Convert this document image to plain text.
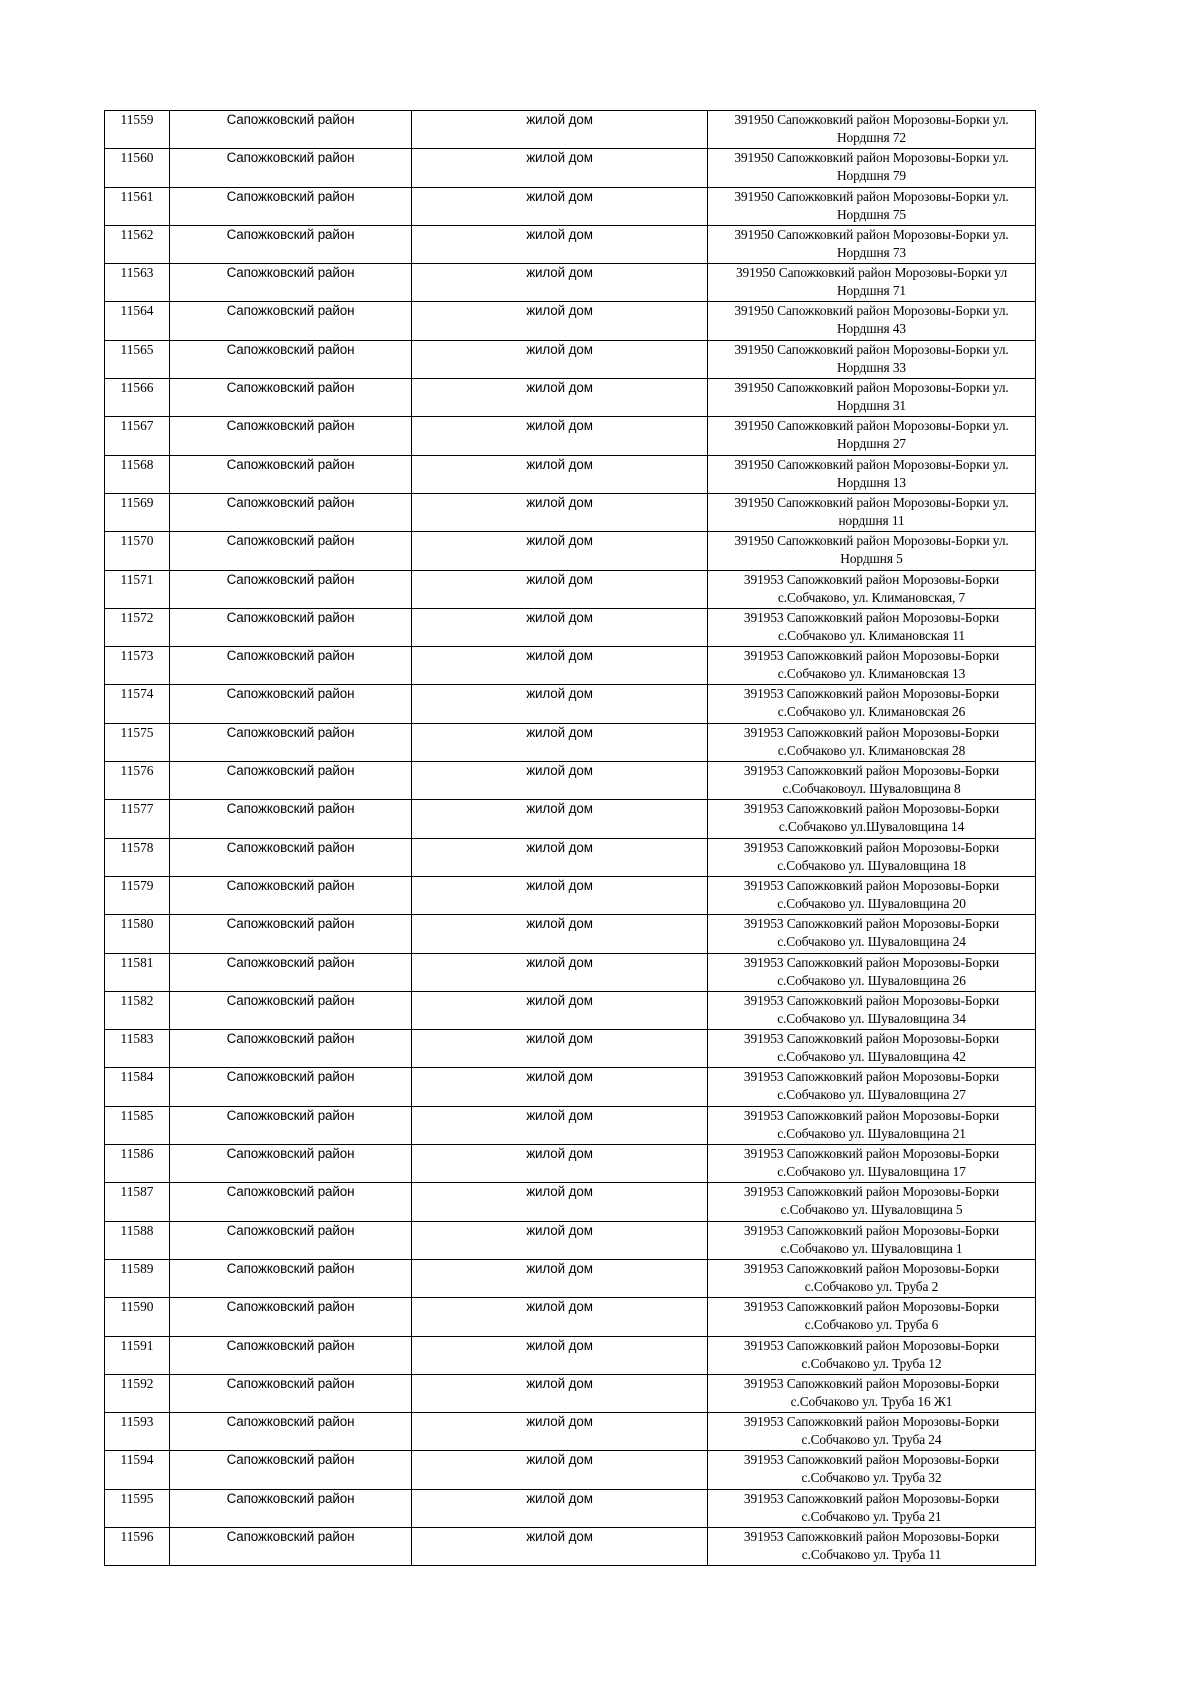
11559	Сапожковский район	жилой дом	391950 Сапожковкий район Морозовы-Борки ул. Нордшня 72
11560	Сапожковский район	жилой дом	391950 Сапожковкий район Морозовы-Борки ул. Нордшня 79
11561	Сапожковский район	жилой дом	391950 Сапожковкий район Морозовы-Борки ул. Нордшня 75
11562	Сапожковский район	жилой дом	391950 Сапожковкий район Морозовы-Борки ул. Нордшня 73
11563	Сапожковский район	жилой дом	391950 Сапожковкий район Морозовы-Борки ул Нордшня 71
11564	Сапожковский район	жилой дом	391950 Сапожковкий район Морозовы-Борки ул. Нордшня 43
11565	Сапожковский район	жилой дом	391950 Сапожковкий район Морозовы-Борки ул. Нордшня 33
11566	Сапожковский район	жилой дом	391950 Сапожковкий район Морозовы-Борки ул. Нордшня 31
11567	Сапожковский район	жилой дом	391950 Сапожковкий район Морозовы-Борки ул. Нордшня 27
11568	Сапожковский район	жилой дом	391950 Сапожковкий район Морозовы-Борки ул. Нордшня 13
11569	Сапожковский район	жилой дом	391950 Сапожковкий район Морозовы-Борки ул. нордшня 11
11570	Сапожковский район	жилой дом	391950 Сапожковкий район Морозовы-Борки ул. Нордшня 5
11571	Сапожковский район	жилой дом	391953 Сапожковкий район Морозовы-Борки с.Собчаково, ул. Климановская, 7
11572	Сапожковский район	жилой дом	391953 Сапожковкий район Морозовы-Борки с.Собчаково ул. Климановская 11
11573	Сапожковский район	жилой дом	391953 Сапожковкий район Морозовы-Борки с.Собчаково ул. Климановская 13
11574	Сапожковский район	жилой дом	391953 Сапожковкий район Морозовы-Борки с.Собчаково ул. Климановская 26
11575	Сапожковский район	жилой дом	391953 Сапожковкий район Морозовы-Борки с.Собчаково ул. Климановская 28
11576	Сапожковский район	жилой дом	391953 Сапожковкий район Морозовы-Борки с.Собчаковоул. Шуваловщина 8
11577	Сапожковский район	жилой дом	391953 Сапожковкий район Морозовы-Борки с.Собчаково ул.Шуваловщина 14
11578	Сапожковский район	жилой дом	391953 Сапожковкий район Морозовы-Борки с.Собчаково ул. Шуваловщина 18
11579	Сапожковский район	жилой дом	391953 Сапожковкий район Морозовы-Борки с.Собчаково ул. Шуваловщина 20
11580	Сапожковский район	жилой дом	391953 Сапожковкий район Морозовы-Борки с.Собчаково ул. Шуваловщина 24
11581	Сапожковский район	жилой дом	391953 Сапожковкий район Морозовы-Борки с.Собчаково ул. Шуваловщина 26
11582	Сапожковский район	жилой дом	391953 Сапожковкий район Морозовы-Борки с.Собчаково ул. Шуваловщина 34
11583	Сапожковский район	жилой дом	391953 Сапожковкий район Морозовы-Борки с.Собчаково ул. Шуваловщина 42
11584	Сапожковский район	жилой дом	391953 Сапожковкий район Морозовы-Борки с.Собчаково ул. Шуваловщина 27
11585	Сапожковский район	жилой дом	391953 Сапожковкий район Морозовы-Борки с.Собчаково ул. Шуваловщина 21
11586	Сапожковский район	жилой дом	391953 Сапожковкий район Морозовы-Борки с.Собчаково ул. Шуваловщина 17
11587	Сапожковский район	жилой дом	391953 Сапожковкий район Морозовы-Борки с.Собчаково ул. Шуваловщина 5
11588	Сапожковский район	жилой дом	391953 Сапожковкий район Морозовы-Борки с.Собчаково ул. Шуваловщина 1
11589	Сапожковский район	жилой дом	391953 Сапожковкий район Морозовы-Борки с.Собчаково ул. Труба 2
11590	Сапожковский район	жилой дом	391953 Сапожковкий район Морозовы-Борки с.Собчаково ул. Труба 6
11591	Сапожковский район	жилой дом	391953 Сапожковкий район Морозовы-Борки с.Собчаково ул. Труба 12
11592	Сапожковский район	жилой дом	391953 Сапожковкий район Морозовы-Борки с.Собчаково ул. Труба 16 Ж1
11593	Сапожковский район	жилой дом	391953 Сапожковкий район Морозовы-Борки с.Собчаково ул. Труба 24
11594	Сапожковский район	жилой дом	391953 Сапожковкий район Морозовы-Борки с.Собчаково ул. Труба 32
11595	Сапожковский район	жилой дом	391953 Сапожковкий район Морозовы-Борки с.Собчаково ул. Труба 21
11596	Сапожковский район	жилой дом	391953 Сапожковкий район Морозовы-Борки с.Собчаково ул. Труба 11
